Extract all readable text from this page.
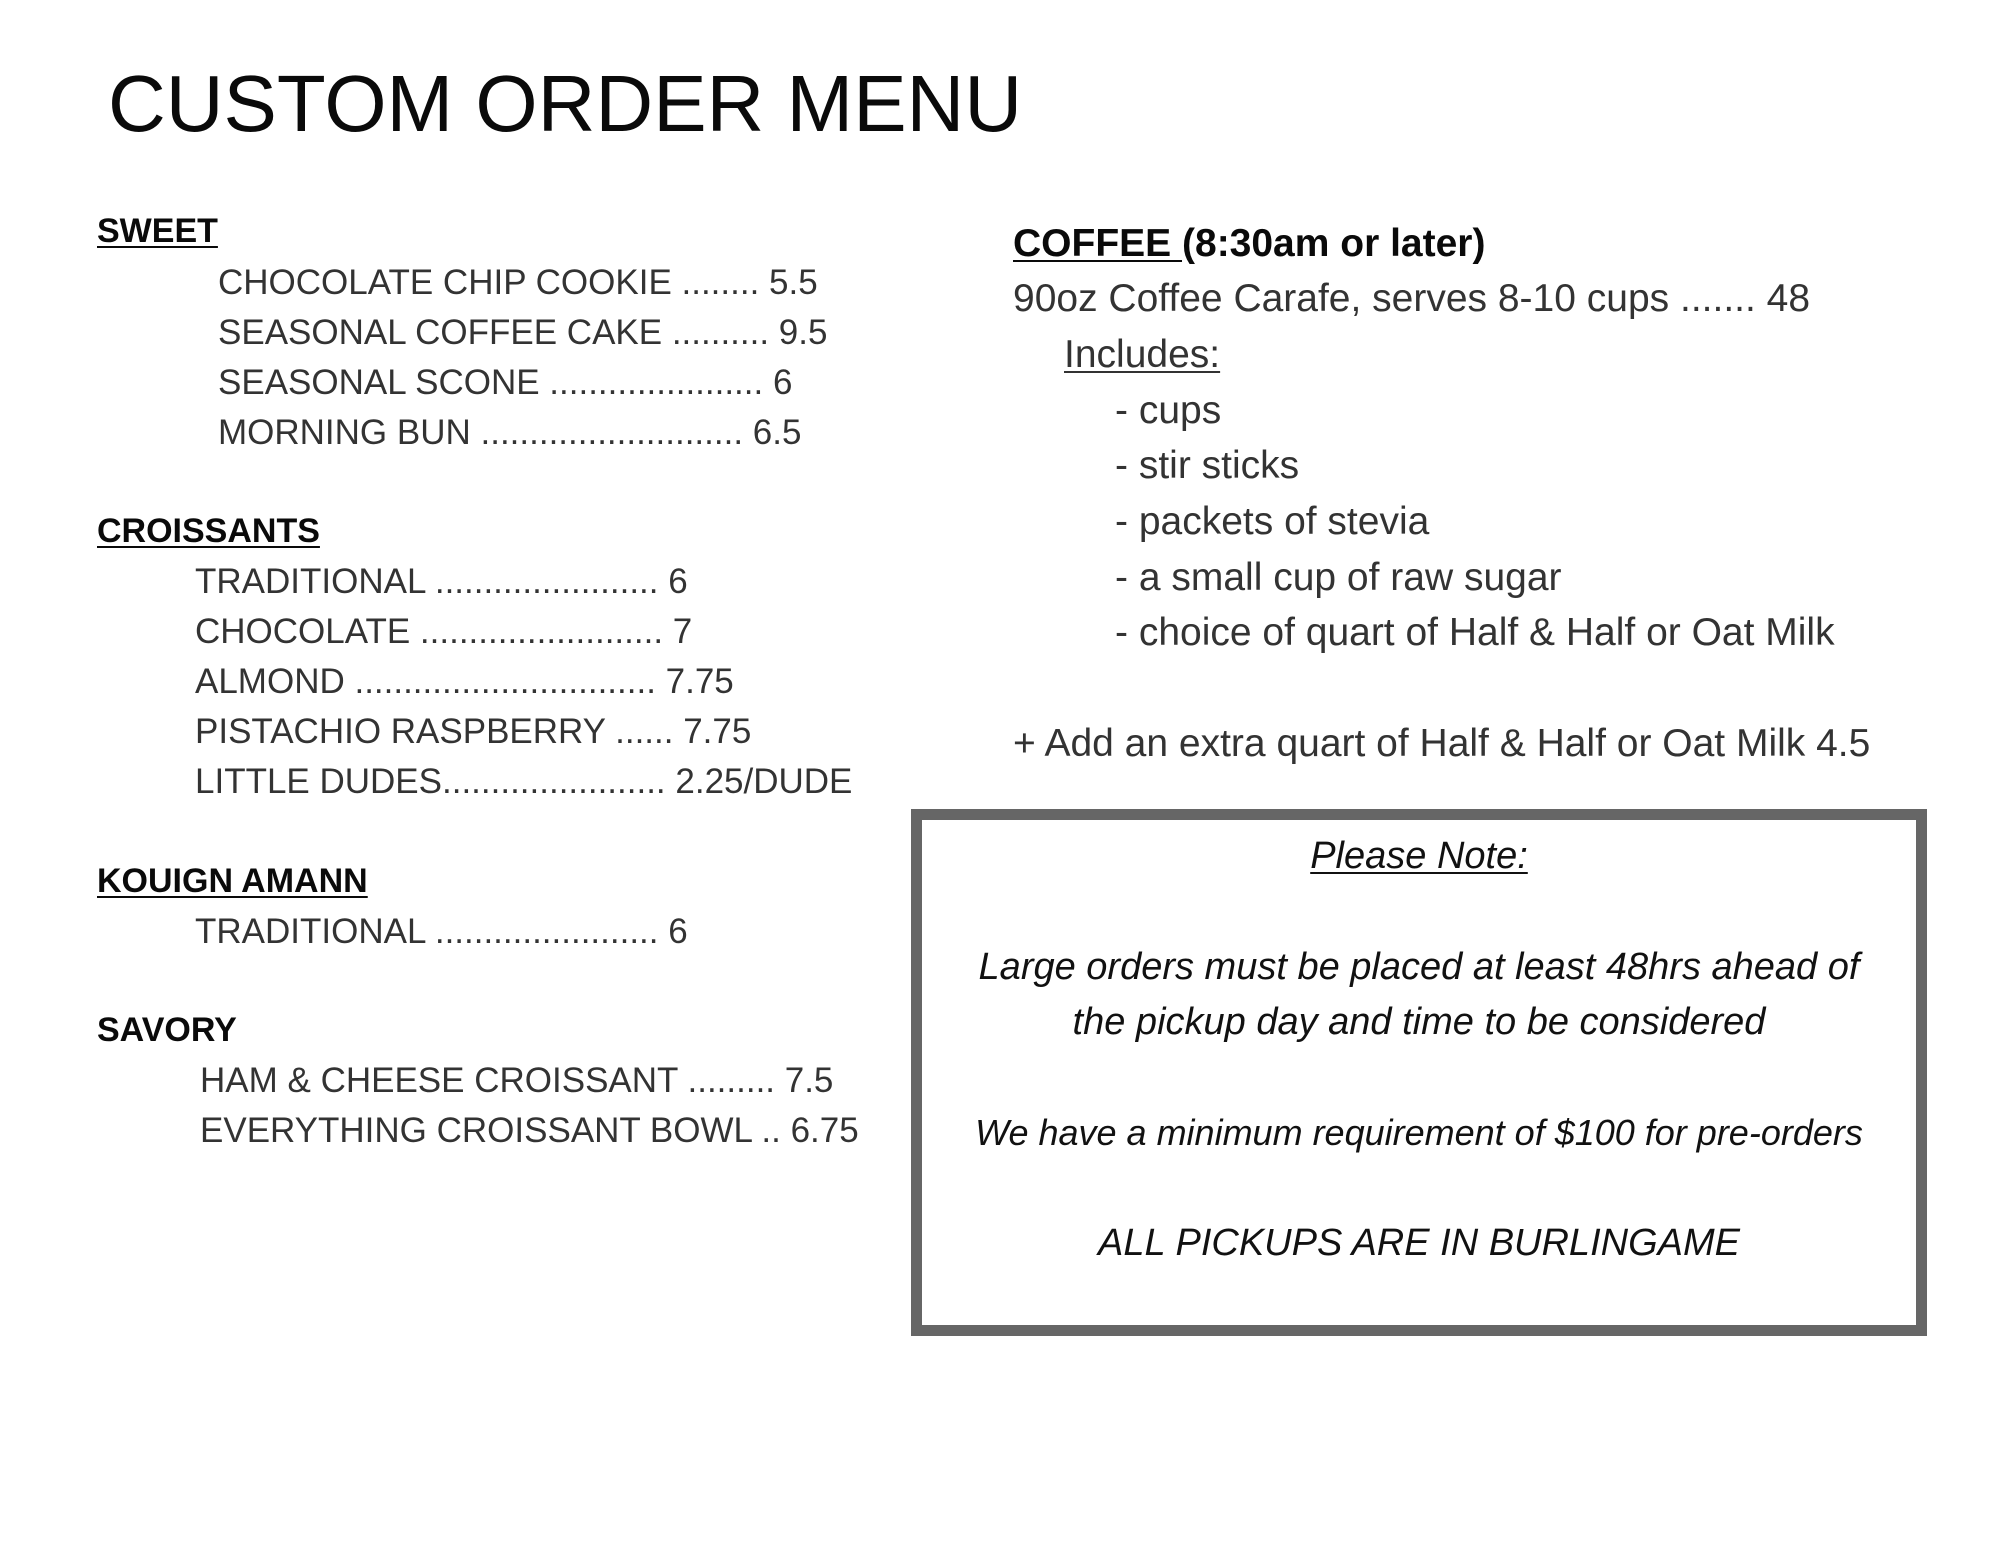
CUSTOM ORDER MENU
SWEET
CHOCOLATE CHIP COOKIE ........ 5.5
SEASONAL COFFEE CAKE .......... 9.5
SEASONAL SCONE ...................... 6
MORNING BUN ........................... 6.5
CROISSANTS
TRADITIONAL ....................... 6
CHOCOLATE ......................... 7
ALMOND ............................... 7.75
PISTACHIO RASPBERRY ...... 7.75
LITTLE DUDES....................... 2.25/DUDE
KOUIGN AMANN
TRADITIONAL ....................... 6
SAVORY
HAM & CHEESE CROISSANT ......... 7.5
EVERYTHING CROISSANT BOWL .. 6.75
COFFEE (8:30am or later)
90oz Coffee Carafe, serves 8-10 cups ....... 48
Includes:
- cups
- stir sticks
- packets of stevia
- a small cup of raw sugar
- choice of quart of Half & Half or Oat Milk
+ Add an extra quart of Half & Half or Oat Milk 4.5
Please Note:
Large orders must be placed at least 48hrs ahead of
the pickup day and time to be considered
We have a minimum requirement of $100 for pre-orders
ALL PICKUPS ARE IN BURLINGAME
